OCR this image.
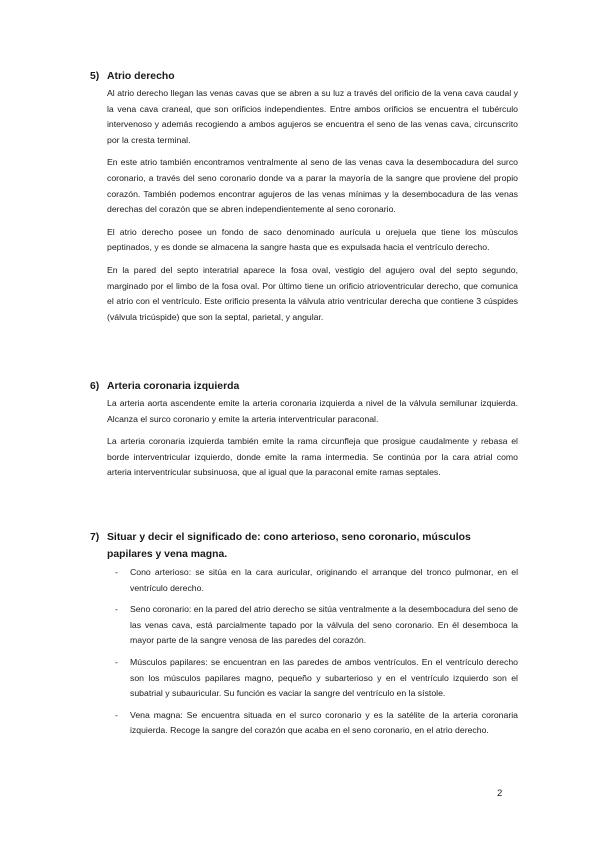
5) Atrio derecho

Al atrio derecho llegan las venas cavas que se abren a su luz a través del orificio de la vena cava caudal y la vena cava craneal, que son orificios independientes. Entre ambos orificios se encuentra el tubérculo intervenoso y además recogiendo a ambos agujeros se encuentra el seno de las venas cava, circunscrito por la cresta terminal.

En este atrio también encontramos ventralmente al seno de las venas cava la desembocadura del surco coronario, a través del seno coronario donde va a parar la mayoría de la sangre que proviene del propio corazón. También podemos encontrar agujeros de las venas mínimas y la desembocadura de las venas derechas del corazón que se abren independientemente al seno coronario.

El atrio derecho posee un fondo de saco denominado aurícula u orejuela que tiene los músculos peptinados, y es donde se almacena la sangre hasta que es expulsada hacia el ventrículo derecho.

En la pared del septo interatrial aparece la fosa oval, vestigio del agujero oval del septo segundo, marginado por el limbo de la fosa oval. Por último tiene un orificio atrioventricular derecho, que comunica el atrio con el ventrículo. Este orificio presenta la válvula atrio ventricular derecha que contiene 3 cúspides (válvula tricúspide) que son la septal, parietal, y angular.

6) Arteria coronaria izquierda

La arteria aorta ascendente emite la arteria coronaria izquierda a nivel de la válvula semilunar izquierda. Alcanza el surco coronario y emite la arteria interventricular paraconal.

La arteria coronaria izquierda también emite la rama circunfleja que prosigue caudalmente y rebasa el borde interventricular izquierdo, donde emite la rama intermedia. Se continúa por la cara atrial como arteria interventricular subsinuosa, que al igual que la paraconal emite ramas septales.

7) Situar y decir el significado de: cono arterioso, seno coronario, músculos papilares y vena magna.
- Cono arterioso: se sitúa en la cara auricular, originando el arranque del tronco pulmonar, en el ventrículo derecho.
- Seno coronario: en la pared del atrio derecho se sitúa ventralmente a la desembocadura del seno de las venas cava, está parcialmente tapado por la válvula del seno coronario. En él desemboca la mayor parte de la sangre venosa de las paredes del corazón.
- Músculos papilares: se encuentran en las paredes de ambos ventrículos. En el ventrículo derecho son los músculos papilares magno, pequeño y subarterioso y en el ventrículo izquierdo son el subatrial y subauricular. Su función es vaciar la sangre del ventrículo en la sístole.
- Vena magna: Se encuentra situada en el surco coronario y es la satélite de la arteria coronaria izquierda. Recoge la sangre del corazón que acaba en el seno coronario, en el atrio derecho.
2
